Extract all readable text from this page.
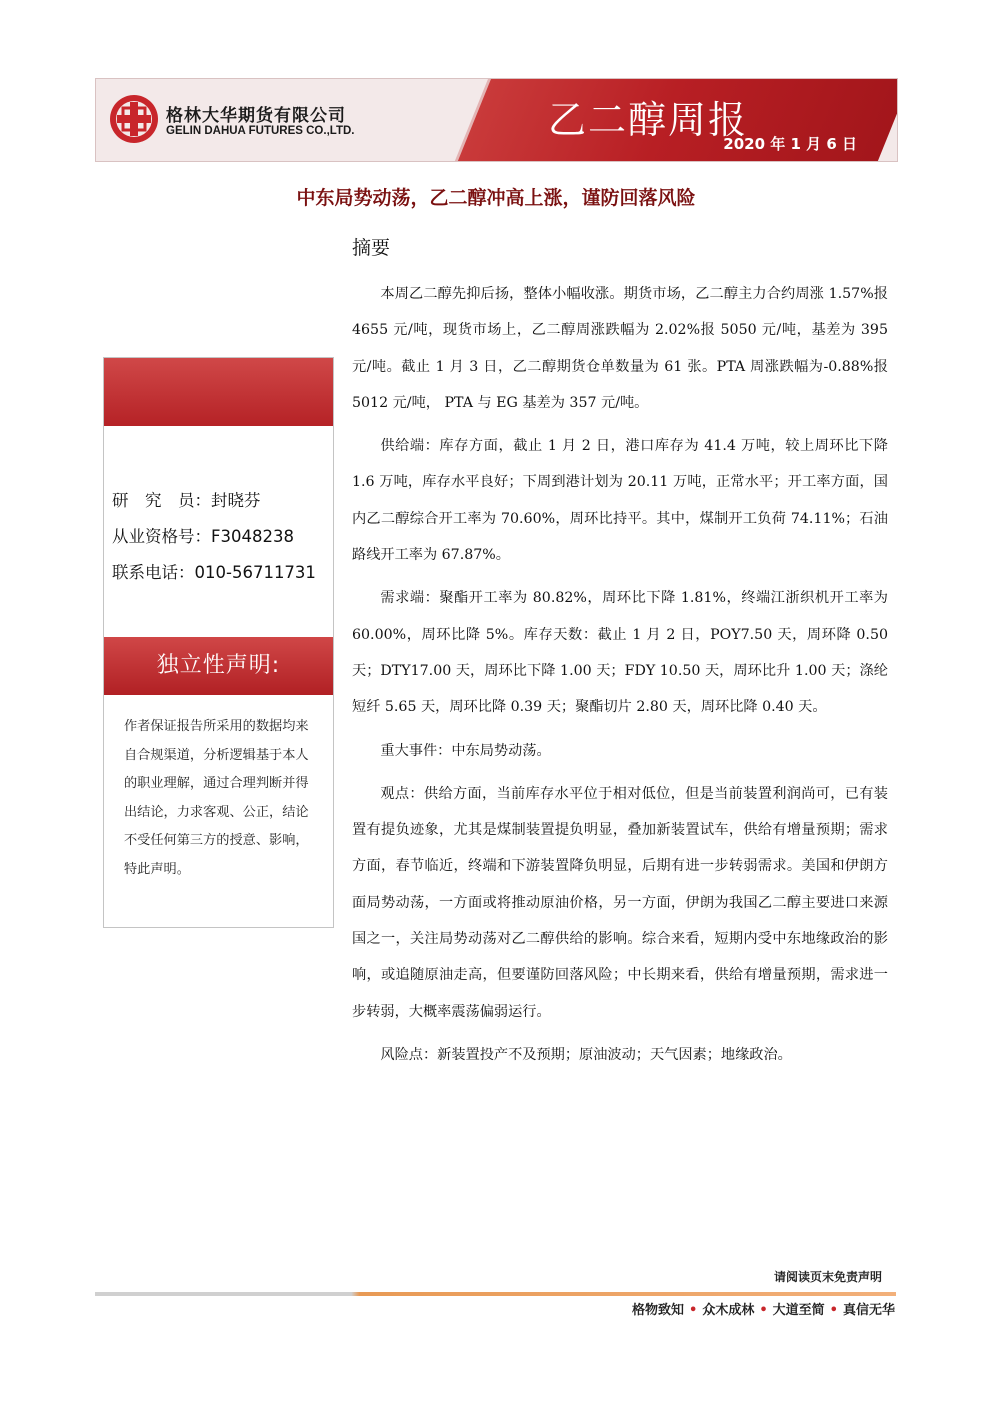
格林大华期货有限公司
GELIN DAHUA FUTURES CO.,LTD.	乙二醇周报
2020 年 1 月 6 日
中东局势动荡，乙二醇冲高上涨，谨防回落风险
摘要

本周乙二醇先抑后扬，整体小幅收涨。期货市场，乙二醇主力合约周涨 1.57%报 4655 元/吨，现货市场上，乙二醇周涨跌幅为 2.02%报 5050 元/吨，基差为 395 元/吨。截止 1 月 3 日，乙二醇期货仓单数量为 61 张。PTA 周涨跌幅为-0.88%报 5012 元/吨， PTA 与 EG 基差为 357 元/吨。

供给端：库存方面，截止 1 月 2 日，港口库存为 41.4 万吨，较上周环比下降 1.6 万吨，库存水平良好；下周到港计划为 20.11 万吨，正常水平；开工率方面，国内乙二醇综合开工率为 70.60%，周环比持平。其中，煤制开工负荷 74.11%；石油路线开工率为 67.87%。

需求端：聚酯开工率为 80.82%，周环比下降 1.81%，终端江浙织机开工率为 60.00%，周环比降 5%。库存天数：截止 1 月 2 日，POY7.50 天，周环降 0.50 天；DTY17.00 天，周环比下降 1.00 天；FDY 10.50 天，周环比升 1.00 天；涤纶短纤 5.65 天，周环比降 0.39 天；聚酯切片 2.80 天，周环比降 0.40 天。

重大事件：中东局势动荡。

观点：供给方面，当前库存水平位于相对低位，但是当前装置利润尚可，已有装置有提负迹象，尤其是煤制装置提负明显，叠加新装置试车，供给有增量预期；需求方面，春节临近，终端和下游装置降负明显，后期有进一步转弱需求。美国和伊朗方面局势动荡，一方面或将推动原油价格，另一方面，伊朗为我国乙二醇主要进口来源国之一，关注局势动荡对乙二醇供给的影响。综合来看，短期内受中东地缘政治的影响，或追随原油走高，但要谨防回落风险；中长期来看，供给有增量预期，需求进一步转弱，大概率震荡偏弱运行。

风险点：新装置投产不及预期；原油波动；天气因素；地缘政治。

研　究　员：封晓芬
从业资格号：F3048238
联系电话：010-56711731
独立性声明:
作者保证报告所采用的数据均来自合规渠道，分析逻辑基于本人的职业理解，通过合理判断并得出结论，力求客观、公正，结论不受任何第三方的授意、影响，特此声明。
请阅读页末免责声明
格物致知 • 众木成林 • 大道至简 • 真信无华
